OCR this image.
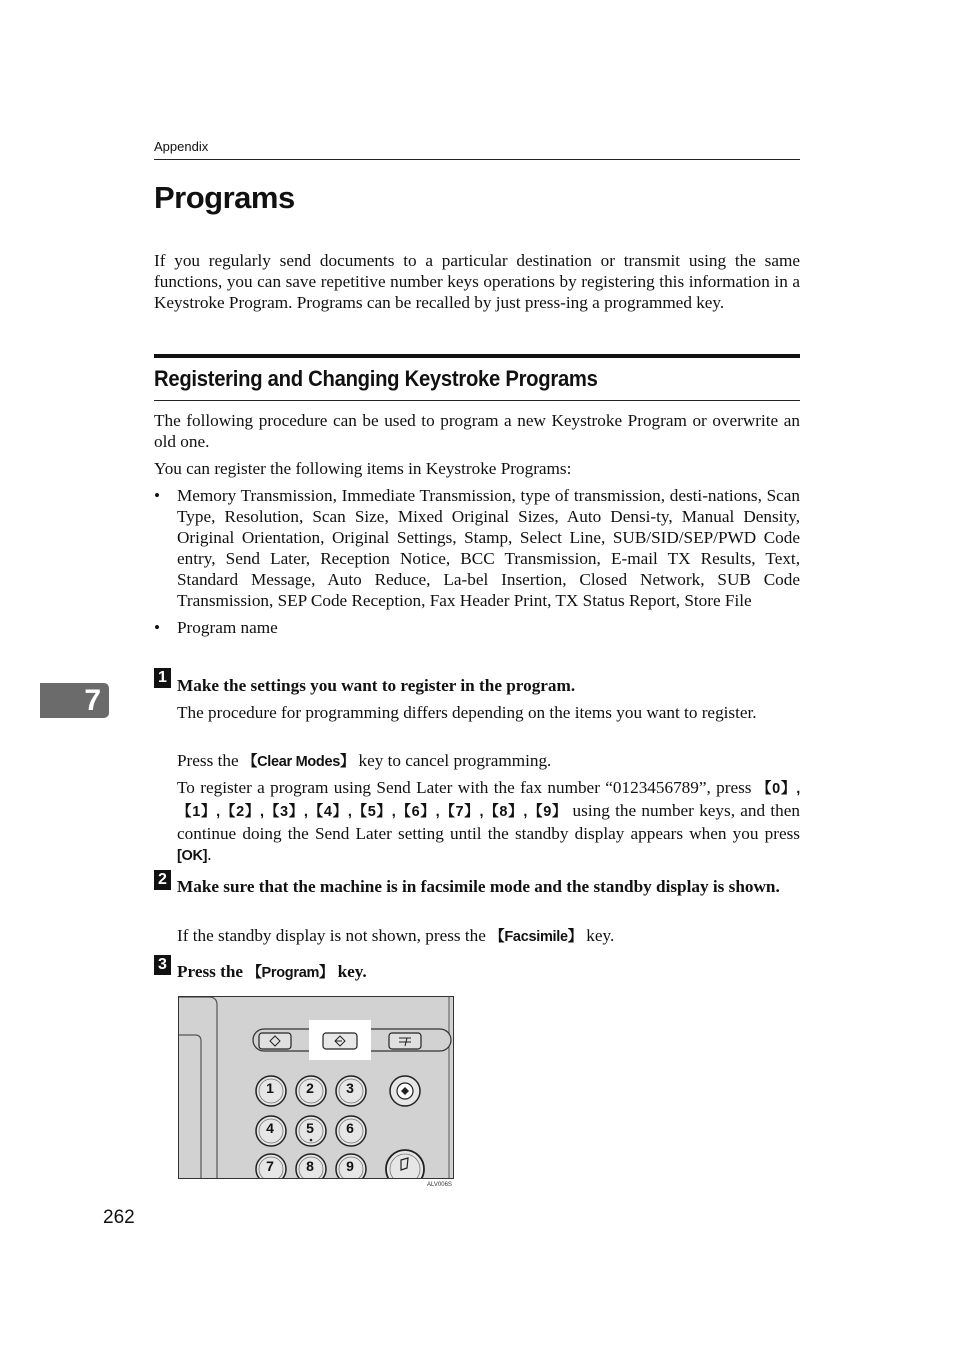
Appendix
Programs

If you regularly send documents to a particular destination or transmit using the same functions, you can save repetitive number keys operations by registering this information in a Keystroke Program. Programs can be recalled by just press-ing a programmed key.

Registering and Changing Keystroke Programs

The following procedure can be used to program a new Keystroke Program or overwrite an old one.

You can register the following items in Keystroke Programs:

• Memory Transmission, Immediate Transmission, type of transmission, desti-nations, Scan Type, Resolution, Scan Size, Mixed Original Sizes, Auto Densi-ty, Manual Density, Original Orientation, Original Settings, Stamp, Select Line, SUB/SID/SEP/PWD Code entry, Send Later, Reception Notice, BCC Transmission, E-mail TX Results, Text, Standard Message, Auto Reduce, La-bel Insertion, Closed Network, SUB Code Transmission, SEP Code Reception, Fax Header Print, TX Status Report, Store File
• Program name
7
1 Make the settings you want to register in the program.

The procedure for programming differs depending on the items you want to register.

Press the 【Clear Modes】 key to cancel programming.

To register a program using Send Later with the fax number “0123456789”, press 【0】,【1】,【2】,【3】,【4】,【5】,【6】,【7】,【8】,【9】 using the number keys, and then continue doing the Send Later setting until the standby display appears when you press [OK].

2 Make sure that the machine is in facsimile mode and the standby display is shown.

If the standby display is not shown, press the 【Facsimile】 key.

3 Press the 【Program】 key.

1 2 3
4 5 6
7 8 9
ALV006S
262
